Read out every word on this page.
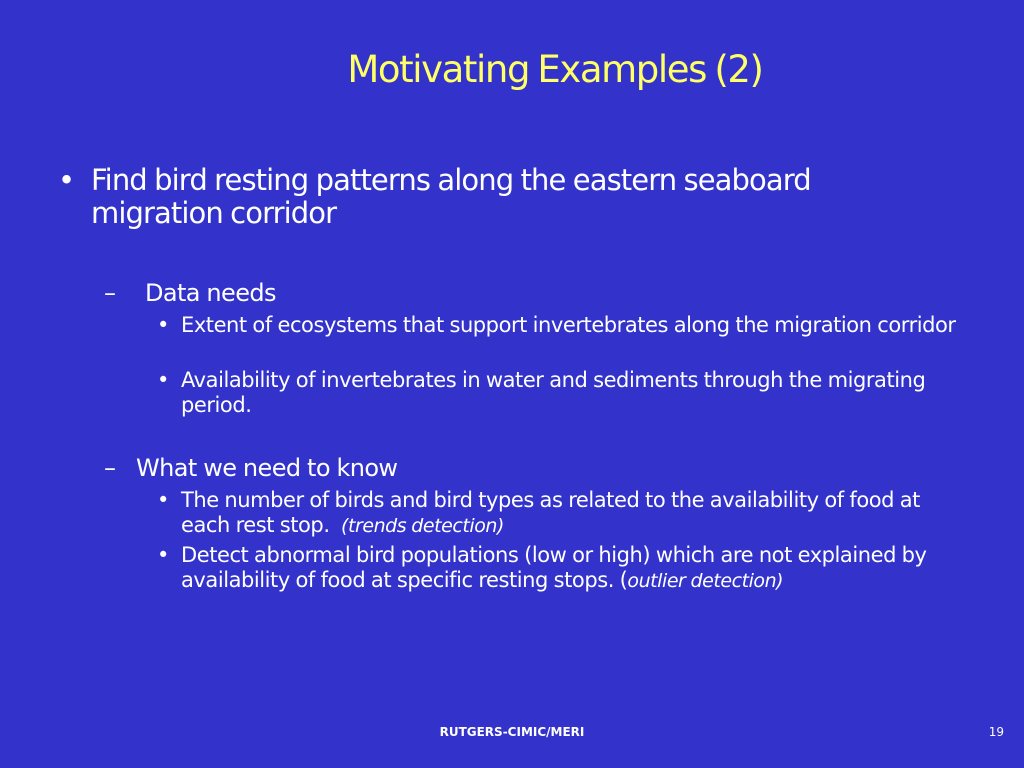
Motivating Examples (2)
• Find bird resting patterns along the eastern seaboard migration corridor
– Data needs
• Extent of ecosystems that support invertebrates along the migration corridor
• Availability of invertebrates in water and sediments through the migrating period.
– What we need to know
• The number of birds and bird types as related to the availability of food at each rest stop. (trends detection)
• Detect abnormal bird populations (low or high) which are not explained by availability of food at specific resting stops. (outlier detection)
RUTGERS-CIMIC/MERI	19
